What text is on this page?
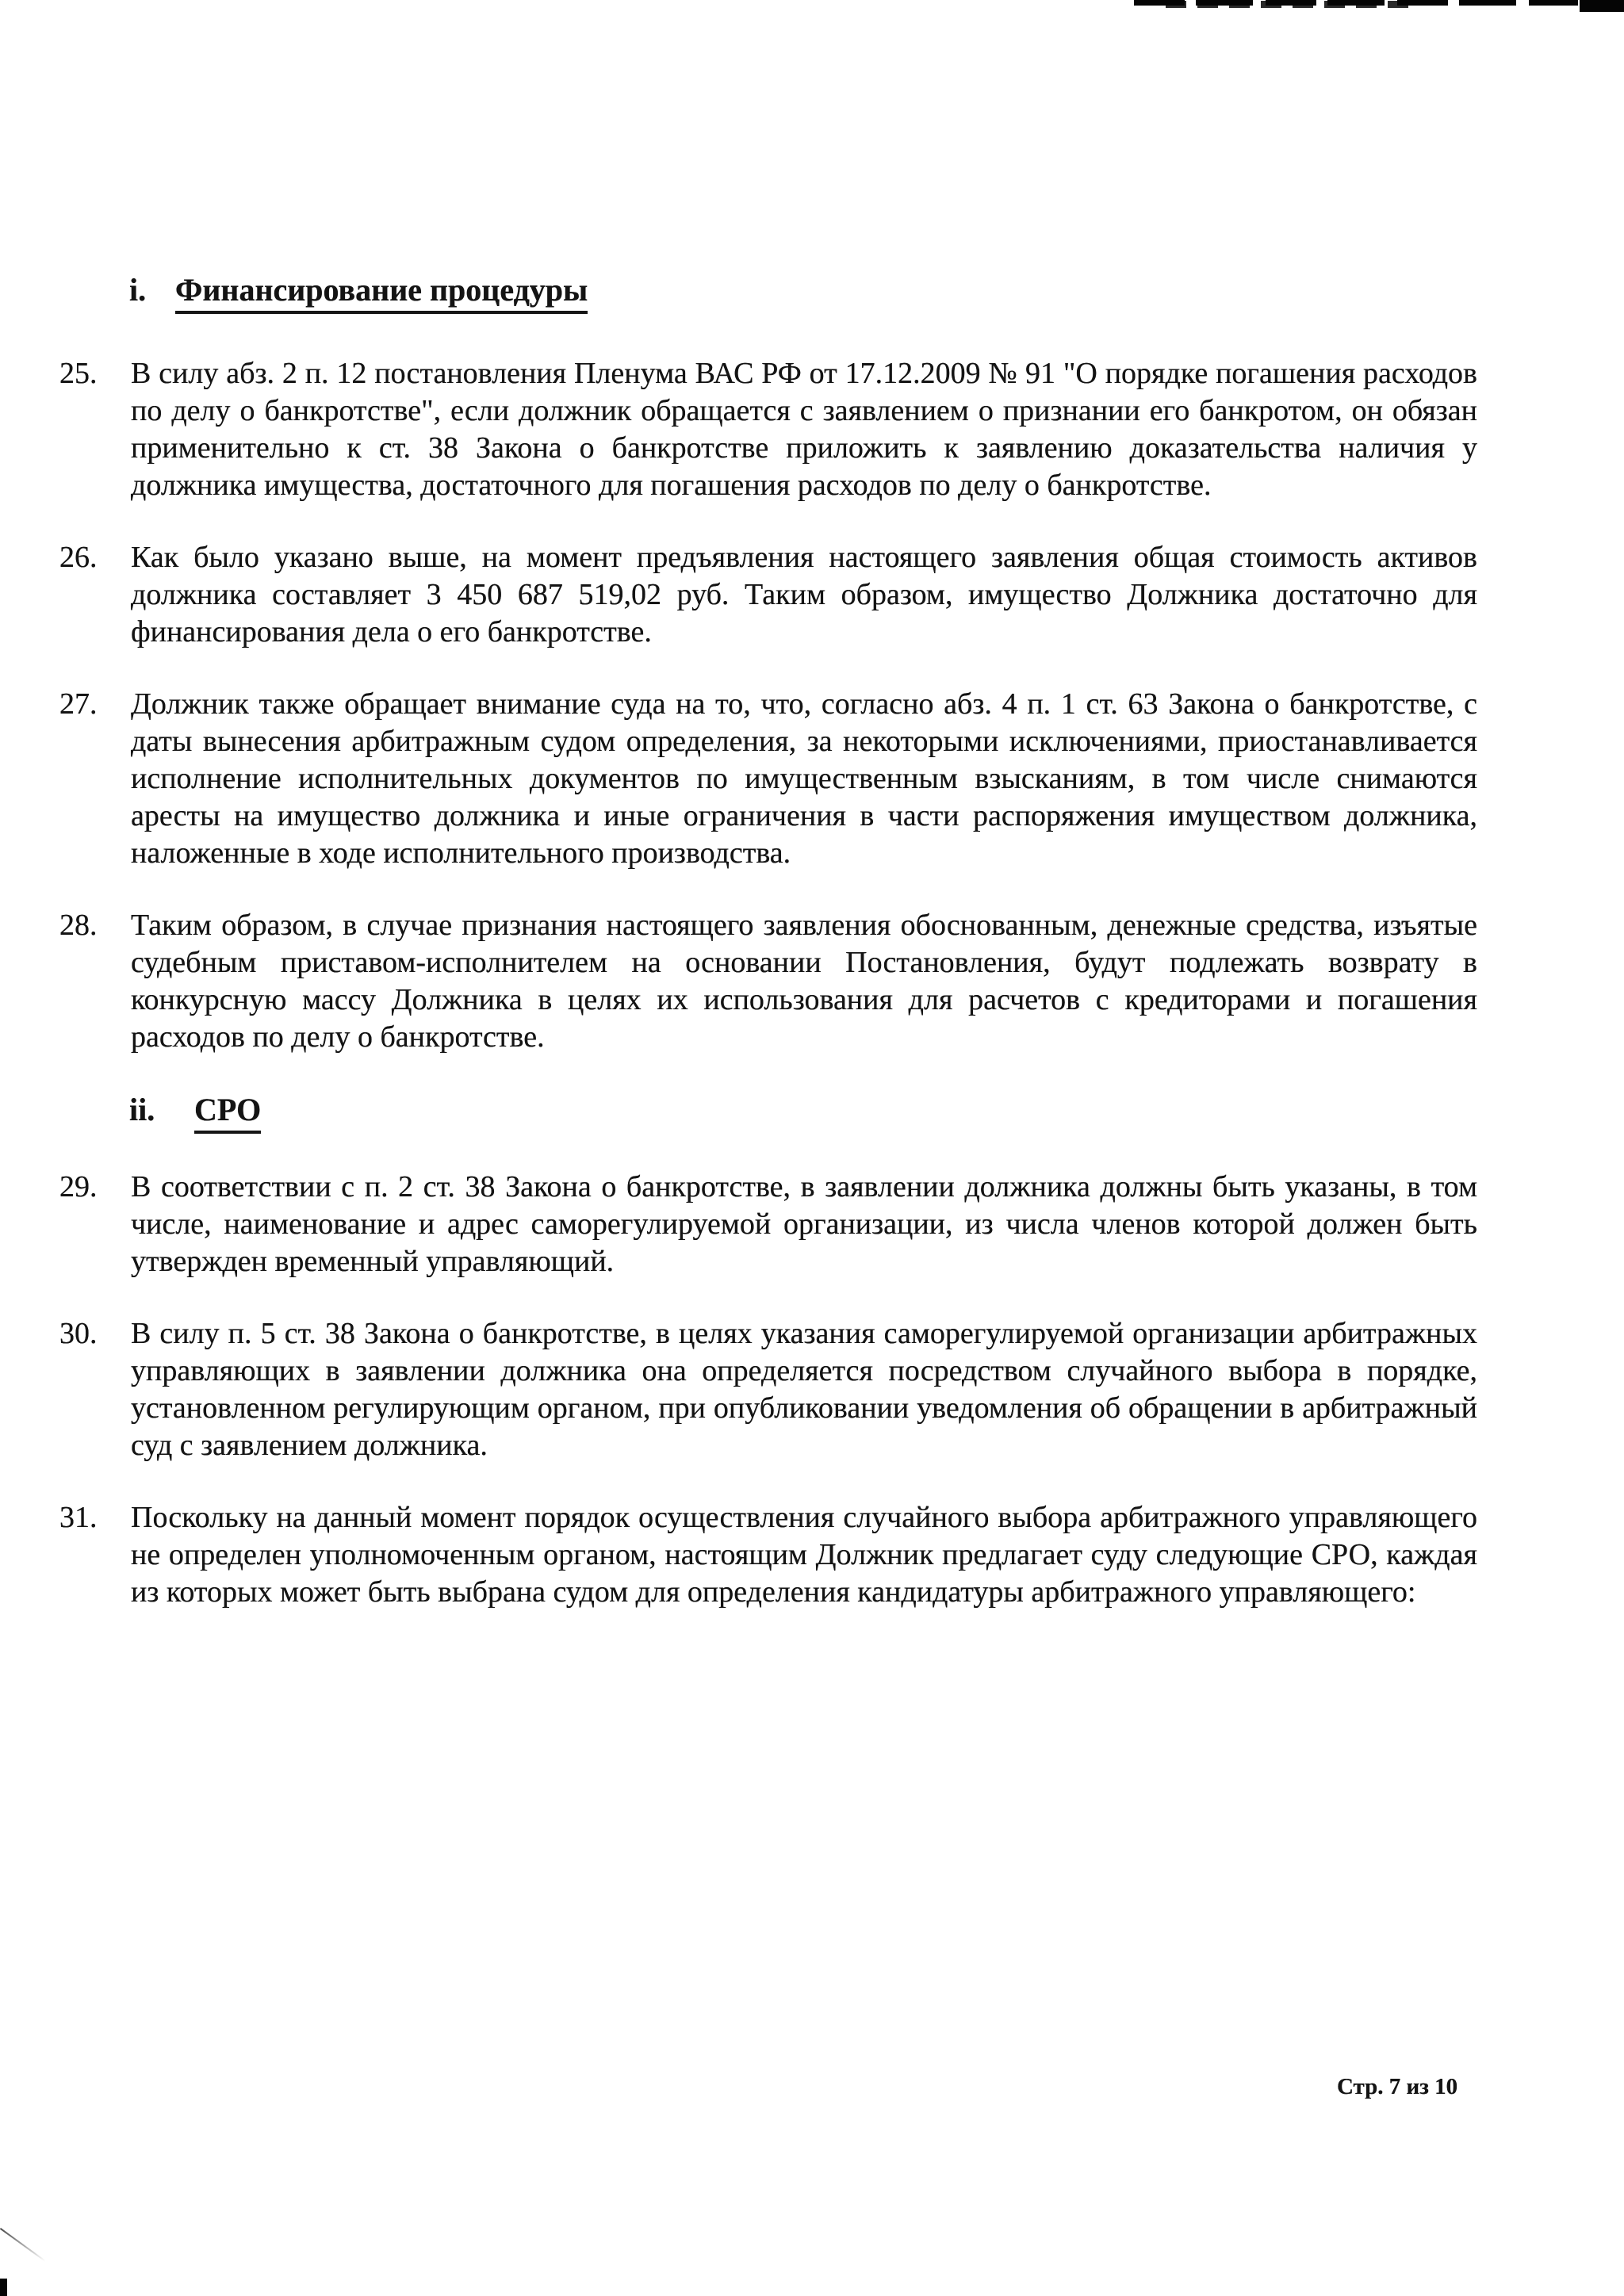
i. Финансирование процедуры
25.	В силу абз. 2 п. 12 постановления Пленума ВАС РФ от 17.12.2009 № 91 "О порядке погашения расходов по делу о банкротстве", если должник обращается с заявлением о признании его банкротом, он обязан применительно к ст. 38 Закона о банкротстве приложить к заявлению доказательства наличия у должника имущества, достаточного для погашения расходов по делу о банкротстве.

26.	Как было указано выше, на момент предъявления настоящего заявления общая стоимость активов должника составляет 3 450 687 519,02 руб. Таким образом, имущество Должника достаточно для финансирования дела о его банкротстве.

27.	Должник также обращает внимание суда на то, что, согласно абз. 4 п. 1 ст. 63 Закона о банкротстве, с даты вынесения арбитражным судом определения, за некоторыми исключениями, приостанавливается исполнение исполнительных документов по имущественным взысканиям, в том числе снимаются аресты на имущество должника и иные ограничения в части распоряжения имуществом должника, наложенные в ходе исполнительного производства.

28.	Таким образом, в случае признания настоящего заявления обоснованным, денежные средства, изъятые судебным приставом-исполнителем на основании Постановления, будут подлежать возврату в конкурсную массу Должника в целях их использования для расчетов с кредиторами и погашения расходов по делу о банкротстве.

ii.	СРО
29.	В соответствии с п. 2 ст. 38 Закона о банкротстве, в заявлении должника должны быть указаны, в том числе, наименование и адрес саморегулируемой организации, из числа членов которой должен быть утвержден временный управляющий.

30.	В силу п. 5 ст. 38 Закона о банкротстве, в целях указания саморегулируемой организации арбитражных управляющих в заявлении должника она определяется посредством случайного выбора в порядке, установленном регулирующим органом, при опубликовании уведомления об обращении в арбитражный суд с заявлением должника.

31.	Поскольку на данный момент порядок осуществления случайного выбора арбитражного управляющего не определен уполномоченным органом, настоящим Должник предлагает суду следующие СРО, каждая из которых может быть выбрана судом для определения кандидатуры арбитражного управляющего:

Стр. 7 из 10
